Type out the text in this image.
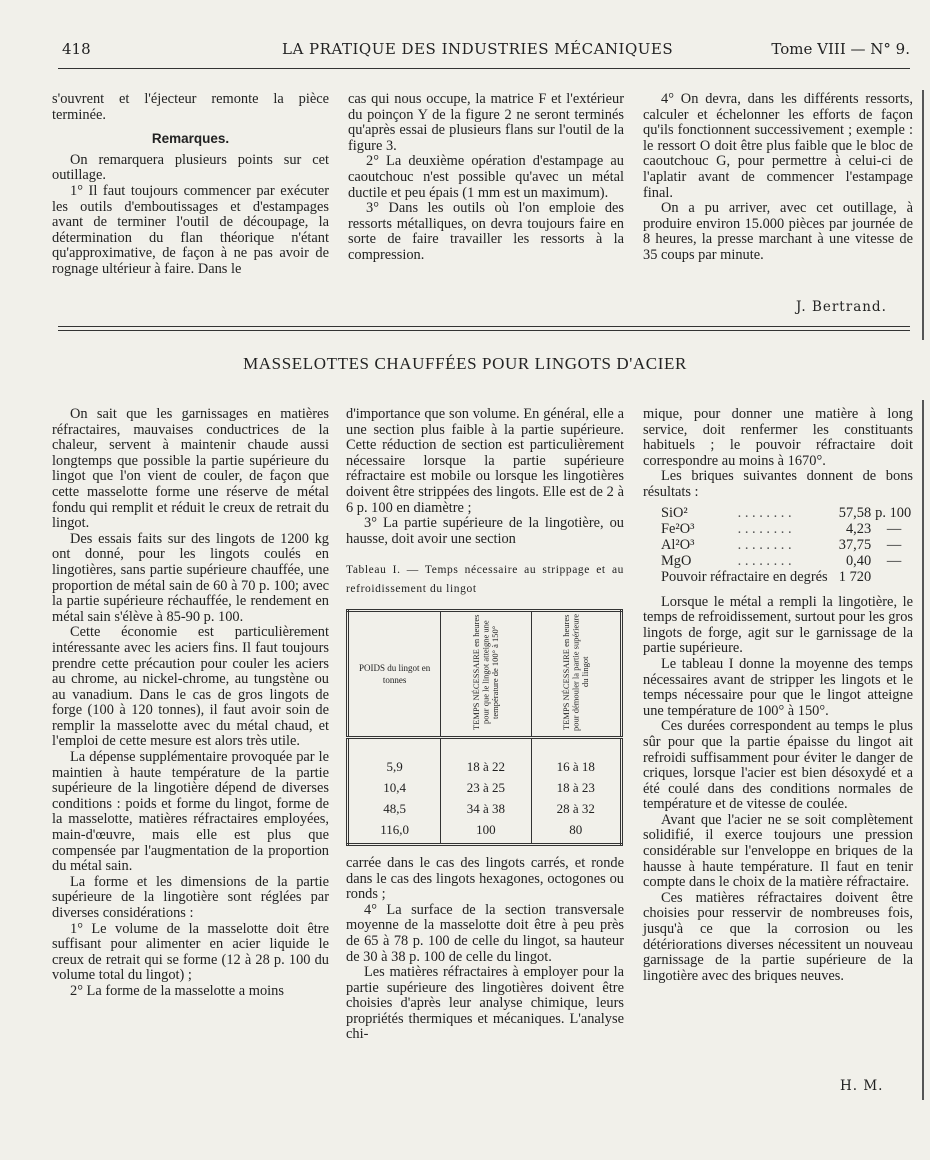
418	LA PRATIQUE DES INDUSTRIES MÉCANIQUES	Tome VIII — N° 9.

s'ouvrent et l'éjecteur remonte la pièce terminée.

Remarques.

On remarquera plusieurs points sur cet outillage.

1° Il faut toujours commencer par exécuter les outils d'emboutissages et d'estampages avant de terminer l'outil de découpage, la détermination du flan théorique n'étant qu'approximative, de façon à ne pas avoir de rognage ultérieur à faire. Dans le

cas qui nous occupe, la matrice F et l'extérieur du poinçon Y de la figure 2 ne seront terminés qu'après essai de plusieurs flans sur l'outil de la figure 3.

2° La deuxième opération d'estampage au caoutchouc n'est possible qu'avec un métal ductile et peu épais (1 mm est un maximum).

3° Dans les outils où l'on emploie des ressorts métalliques, on devra toujours faire en sorte de faire travailler les ressorts à la compression.

4° On devra, dans les différents ressorts, calculer et échelonner les efforts de façon qu'ils fonctionnent successivement ; exemple : le ressort O doit être plus faible que le bloc de caoutchouc G, pour permettre à celui-ci de l'aplatir avant de commencer l'estampage final.

On a pu arriver, avec cet outillage, à produire environ 15.000 pièces par journée de 8 heures, la presse marchant à une vitesse de 35 coups par minute.

J. Bertrand.
MASSELOTTES CHAUFFÉES POUR LINGOTS D'ACIER

On sait que les garnissages en matières réfractaires, mauvaises conductrices de la chaleur, servent à maintenir chaude aussi longtemps que possible la partie supérieure du lingot que l'on vient de couler, de façon que cette masselotte forme une réserve de métal fondu qui remplit et réduit le creux de retrait du lingot.

Des essais faits sur des lingots de 1200 kg ont donné, pour les lingots coulés en lingotières, sans partie supérieure chauffée, une proportion de métal sain de 60 à 70 p. 100; avec la partie supérieure réchauffée, le rendement en métal sain s'élève à 85-90 p. 100.

Cette économie est particulièrement intéressante avec les aciers fins. Il faut toujours prendre cette précaution pour couler les aciers au chrome, au nickel-chrome, au tungstène ou au vanadium. Dans le cas de gros lingots de forge (100 à 120 tonnes), il faut avoir soin de remplir la masselotte avec du métal chaud, et l'emploi de cette mesure est alors très utile.

La dépense supplémentaire provoquée par le maintien à haute température de la partie supérieure de la lingotière dépend de diverses conditions : poids et forme du lingot, forme de la masselotte, matières réfractaires employées, main-d'œuvre, mais elle est plus que compensée par l'augmentation de la proportion du métal sain.

La forme et les dimensions de la partie supérieure de la lingotière sont réglées par diverses considérations :

1° Le volume de la masselotte doit être suffisant pour alimenter en acier liquide le creux de retrait qui se forme (12 à 28 p. 100 du volume total du lingot) ;

2° La forme de la masselotte a moins

d'importance que son volume. En général, elle a une section plus faible à la partie supérieure. Cette réduction de section est particulièrement nécessaire lorsque la partie supérieure réfractaire est mobile ou lorsque les lingotières doivent être strippées des lingots. Elle est de 2 à 6 p. 100 en diamètre ;

3° La partie supérieure de la lingotière, ou hausse, doit avoir une section

Tableau I. — Temps nécessaire au strippage et au refroidissement du lingot
POIDS du lingot en tonnes	TEMPS NÉCESSAIRE en heures pour que le lingot atteigne une température de 100° à 150°	TEMPS NÉCESSAIRE en heures pour démouler la partie supérieure du lingot
5,9	18 à 22	16 à 18
10,4	23 à 25	18 à 23
48,5	34 à 38	28 à 32
116,0	100	80

carrée dans le cas des lingots carrés, et ronde dans le cas des lingots hexagones, octogones ou ronds ;

4° La surface de la section transversale moyenne de la masselotte doit être à peu près de 65 à 78 p. 100 de celle du lingot, sa hauteur de 30 à 38 p. 100 de celle du lingot.

Les matières réfractaires à employer pour la partie supérieure des lingotières doivent être choisies d'après leur analyse chimique, leurs propriétés thermiques et mécaniques. L'analyse chi-

mique, pour donner une matière à long service, doit renfermer les constituants habituels ; le pouvoir réfractaire doit correspondre au moins à 1670°.

Les briques suivantes donnent de bons résultats :

SiO²	. . . . . . . .	57,58	p. 100
Fe²O³	. . . . . . . .	4,23	—
Al²O³	. . . . . . . .	37,75	—
MgO	. . . . . . . .	0,40	—
Pouvoir réfractaire en degrés		1 720	

Lorsque le métal a rempli la lingotière, le temps de refroidissement, surtout pour les gros lingots de forge, agit sur le garnissage de la partie supérieure.

Le tableau I donne la moyenne des temps nécessaires avant de stripper les lingots et le temps nécessaire pour que le lingot atteigne une température de 100° à 150°.

Ces durées correspondent au temps le plus sûr pour que la partie épaisse du lingot ait refroidi suffisamment pour éviter le danger de criques, lorsque l'acier est bien désoxydé et a été coulé dans des conditions normales de température et de vitesse de coulée.

Avant que l'acier ne se soit complètement solidifié, il exerce toujours une pression considérable sur l'enveloppe en briques de la hausse à haute température. Il faut en tenir compte dans le choix de la matière réfractaire.

Ces matières réfractaires doivent être choisies pour resservir de nombreuses fois, jusqu'à ce que la corrosion ou les détériorations diverses nécessitent un nouveau garnissage de la partie supérieure de la lingotière avec des briques neuves.

H. M.
